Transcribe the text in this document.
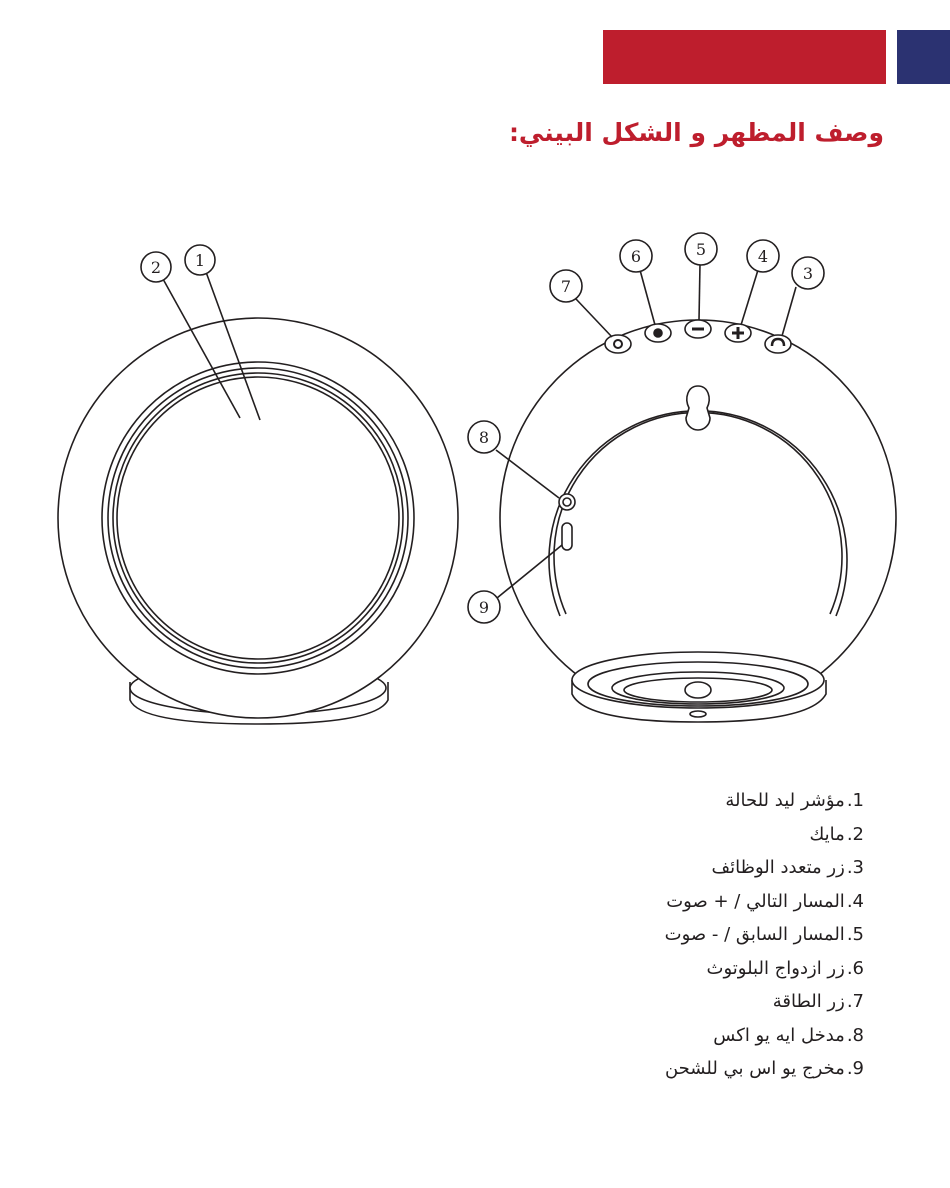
وصف المظهر و الشكل البيني:
1
2	3
4
5
6
7
8
9
مؤشر ليد للحالة .1
مايك .2
زر متعدد الوظائف .3
المسار التالي / + صوت .4
المسار السابق / - صوت .5
زر ازدواج البلوتوث .6
زر الطاقة .7
مدخل ايه يو اكس .8
مخرج يو اس بي للشحن .9
